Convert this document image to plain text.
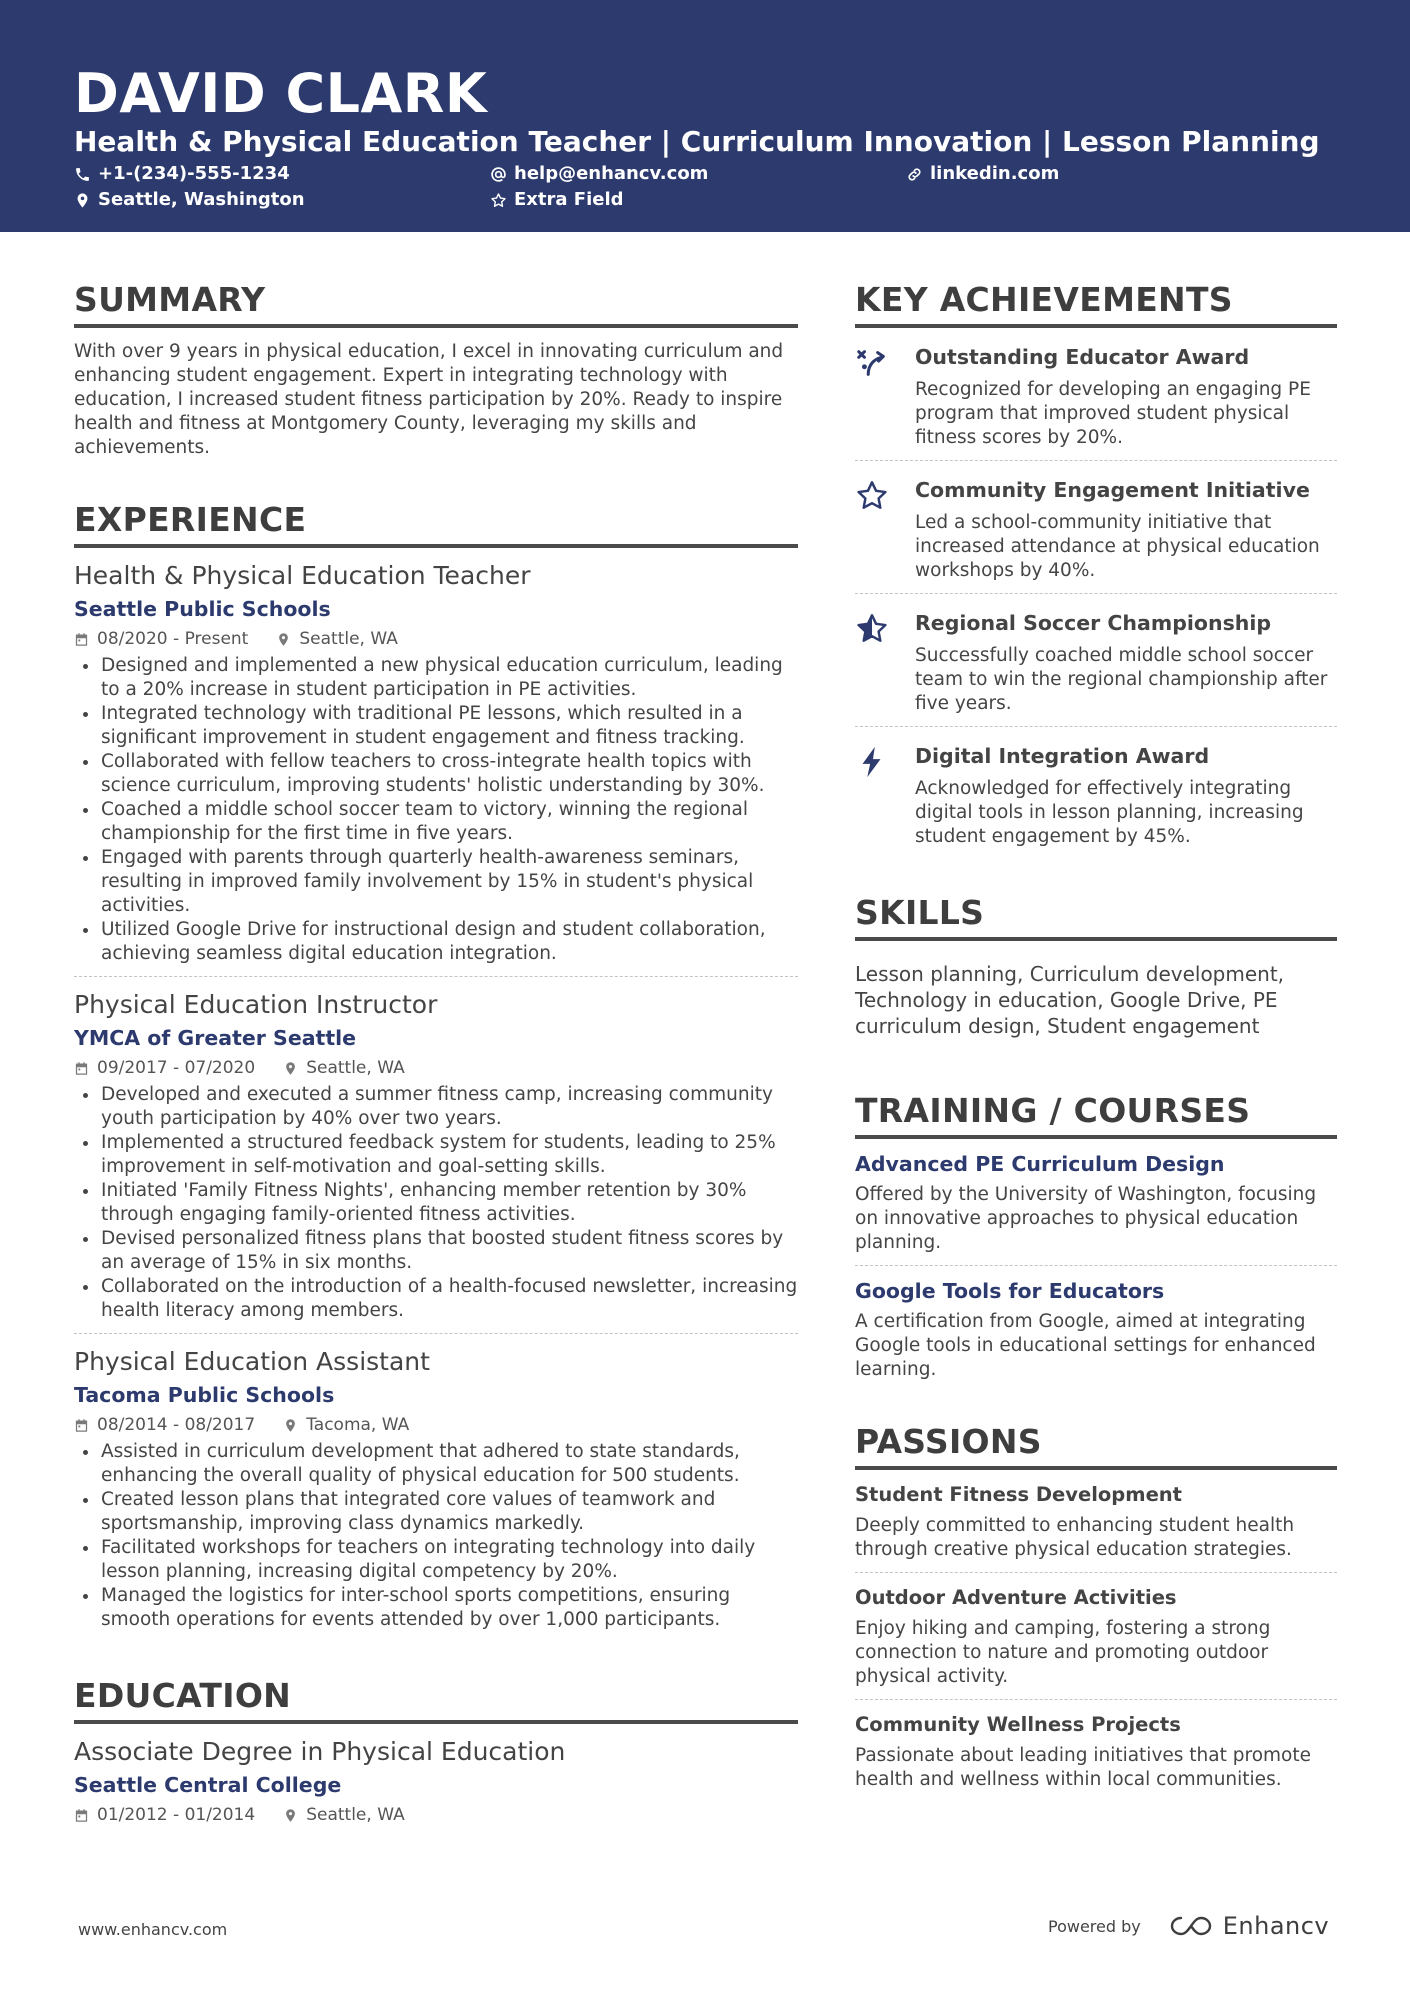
DAVID CLARK
Health & Physical Education Teacher | Curriculum Innovation | Lesson Planning
+1-(234)-555-1234	help@enhancv.com	linkedin.com
Seattle, Washington	Extra Field
SUMMARY
With over 9 years in physical education, I excel in innovating curriculum and enhancing student engagement. Expert in integrating technology with education, I increased student fitness participation by 20%. Ready to inspire health and fitness at Montgomery County, leveraging my skills and achievements.
EXPERIENCE
Health & Physical Education Teacher
Seattle Public Schools
08/2020 - Present	Seattle, WA
Designed and implemented a new physical education curriculum, leading to a 20% increase in student participation in PE activities.
Integrated technology with traditional PE lessons, which resulted in a significant improvement in student engagement and fitness tracking.
Collaborated with fellow teachers to cross-integrate health topics with science curriculum, improving students' holistic understanding by 30%.
Coached a middle school soccer team to victory, winning the regional championship for the first time in five years.
Engaged with parents through quarterly health-awareness seminars, resulting in improved family involvement by 15% in student's physical activities.
Utilized Google Drive for instructional design and student collaboration, achieving seamless digital education integration.
Physical Education Instructor
YMCA of Greater Seattle
09/2017 - 07/2020	Seattle, WA
Developed and executed a summer fitness camp, increasing community youth participation by 40% over two years.
Implemented a structured feedback system for students, leading to 25% improvement in self-motivation and goal-setting skills.
Initiated 'Family Fitness Nights', enhancing member retention by 30% through engaging family-oriented fitness activities.
Devised personalized fitness plans that boosted student fitness scores by an average of 15% in six months.
Collaborated on the introduction of a health-focused newsletter, increasing health literacy among members.
Physical Education Assistant
Tacoma Public Schools
08/2014 - 08/2017	Tacoma, WA
Assisted in curriculum development that adhered to state standards, enhancing the overall quality of physical education for 500 students.
Created lesson plans that integrated core values of teamwork and sportsmanship, improving class dynamics markedly.
Facilitated workshops for teachers on integrating technology into daily lesson planning, increasing digital competency by 20%.
Managed the logistics for inter-school sports competitions, ensuring smooth operations for events attended by over 1,000 participants.
EDUCATION
Associate Degree in Physical Education
Seattle Central College
01/2012 - 01/2014	Seattle, WA
KEY ACHIEVEMENTS
Outstanding Educator Award
Recognized for developing an engaging PE program that improved student physical fitness scores by 20%.
Community Engagement Initiative
Led a school-community initiative that increased attendance at physical education workshops by 40%.
Regional Soccer Championship
Successfully coached middle school soccer team to win the regional championship after five years.
Digital Integration Award
Acknowledged for effectively integrating digital tools in lesson planning, increasing student engagement by 45%.
SKILLS
Lesson planning, Curriculum development, Technology in education, Google Drive, PE curriculum design, Student engagement
TRAINING / COURSES
Advanced PE Curriculum Design
Offered by the University of Washington, focusing on innovative approaches to physical education planning.
Google Tools for Educators
A certification from Google, aimed at integrating Google tools in educational settings for enhanced learning.
PASSIONS
Student Fitness Development
Deeply committed to enhancing student health through creative physical education strategies.
Outdoor Adventure Activities
Enjoy hiking and camping, fostering a strong connection to nature and promoting outdoor physical activity.
Community Wellness Projects
Passionate about leading initiatives that promote health and wellness within local communities.
www.enhancv.com	Powered by	Enhancv
